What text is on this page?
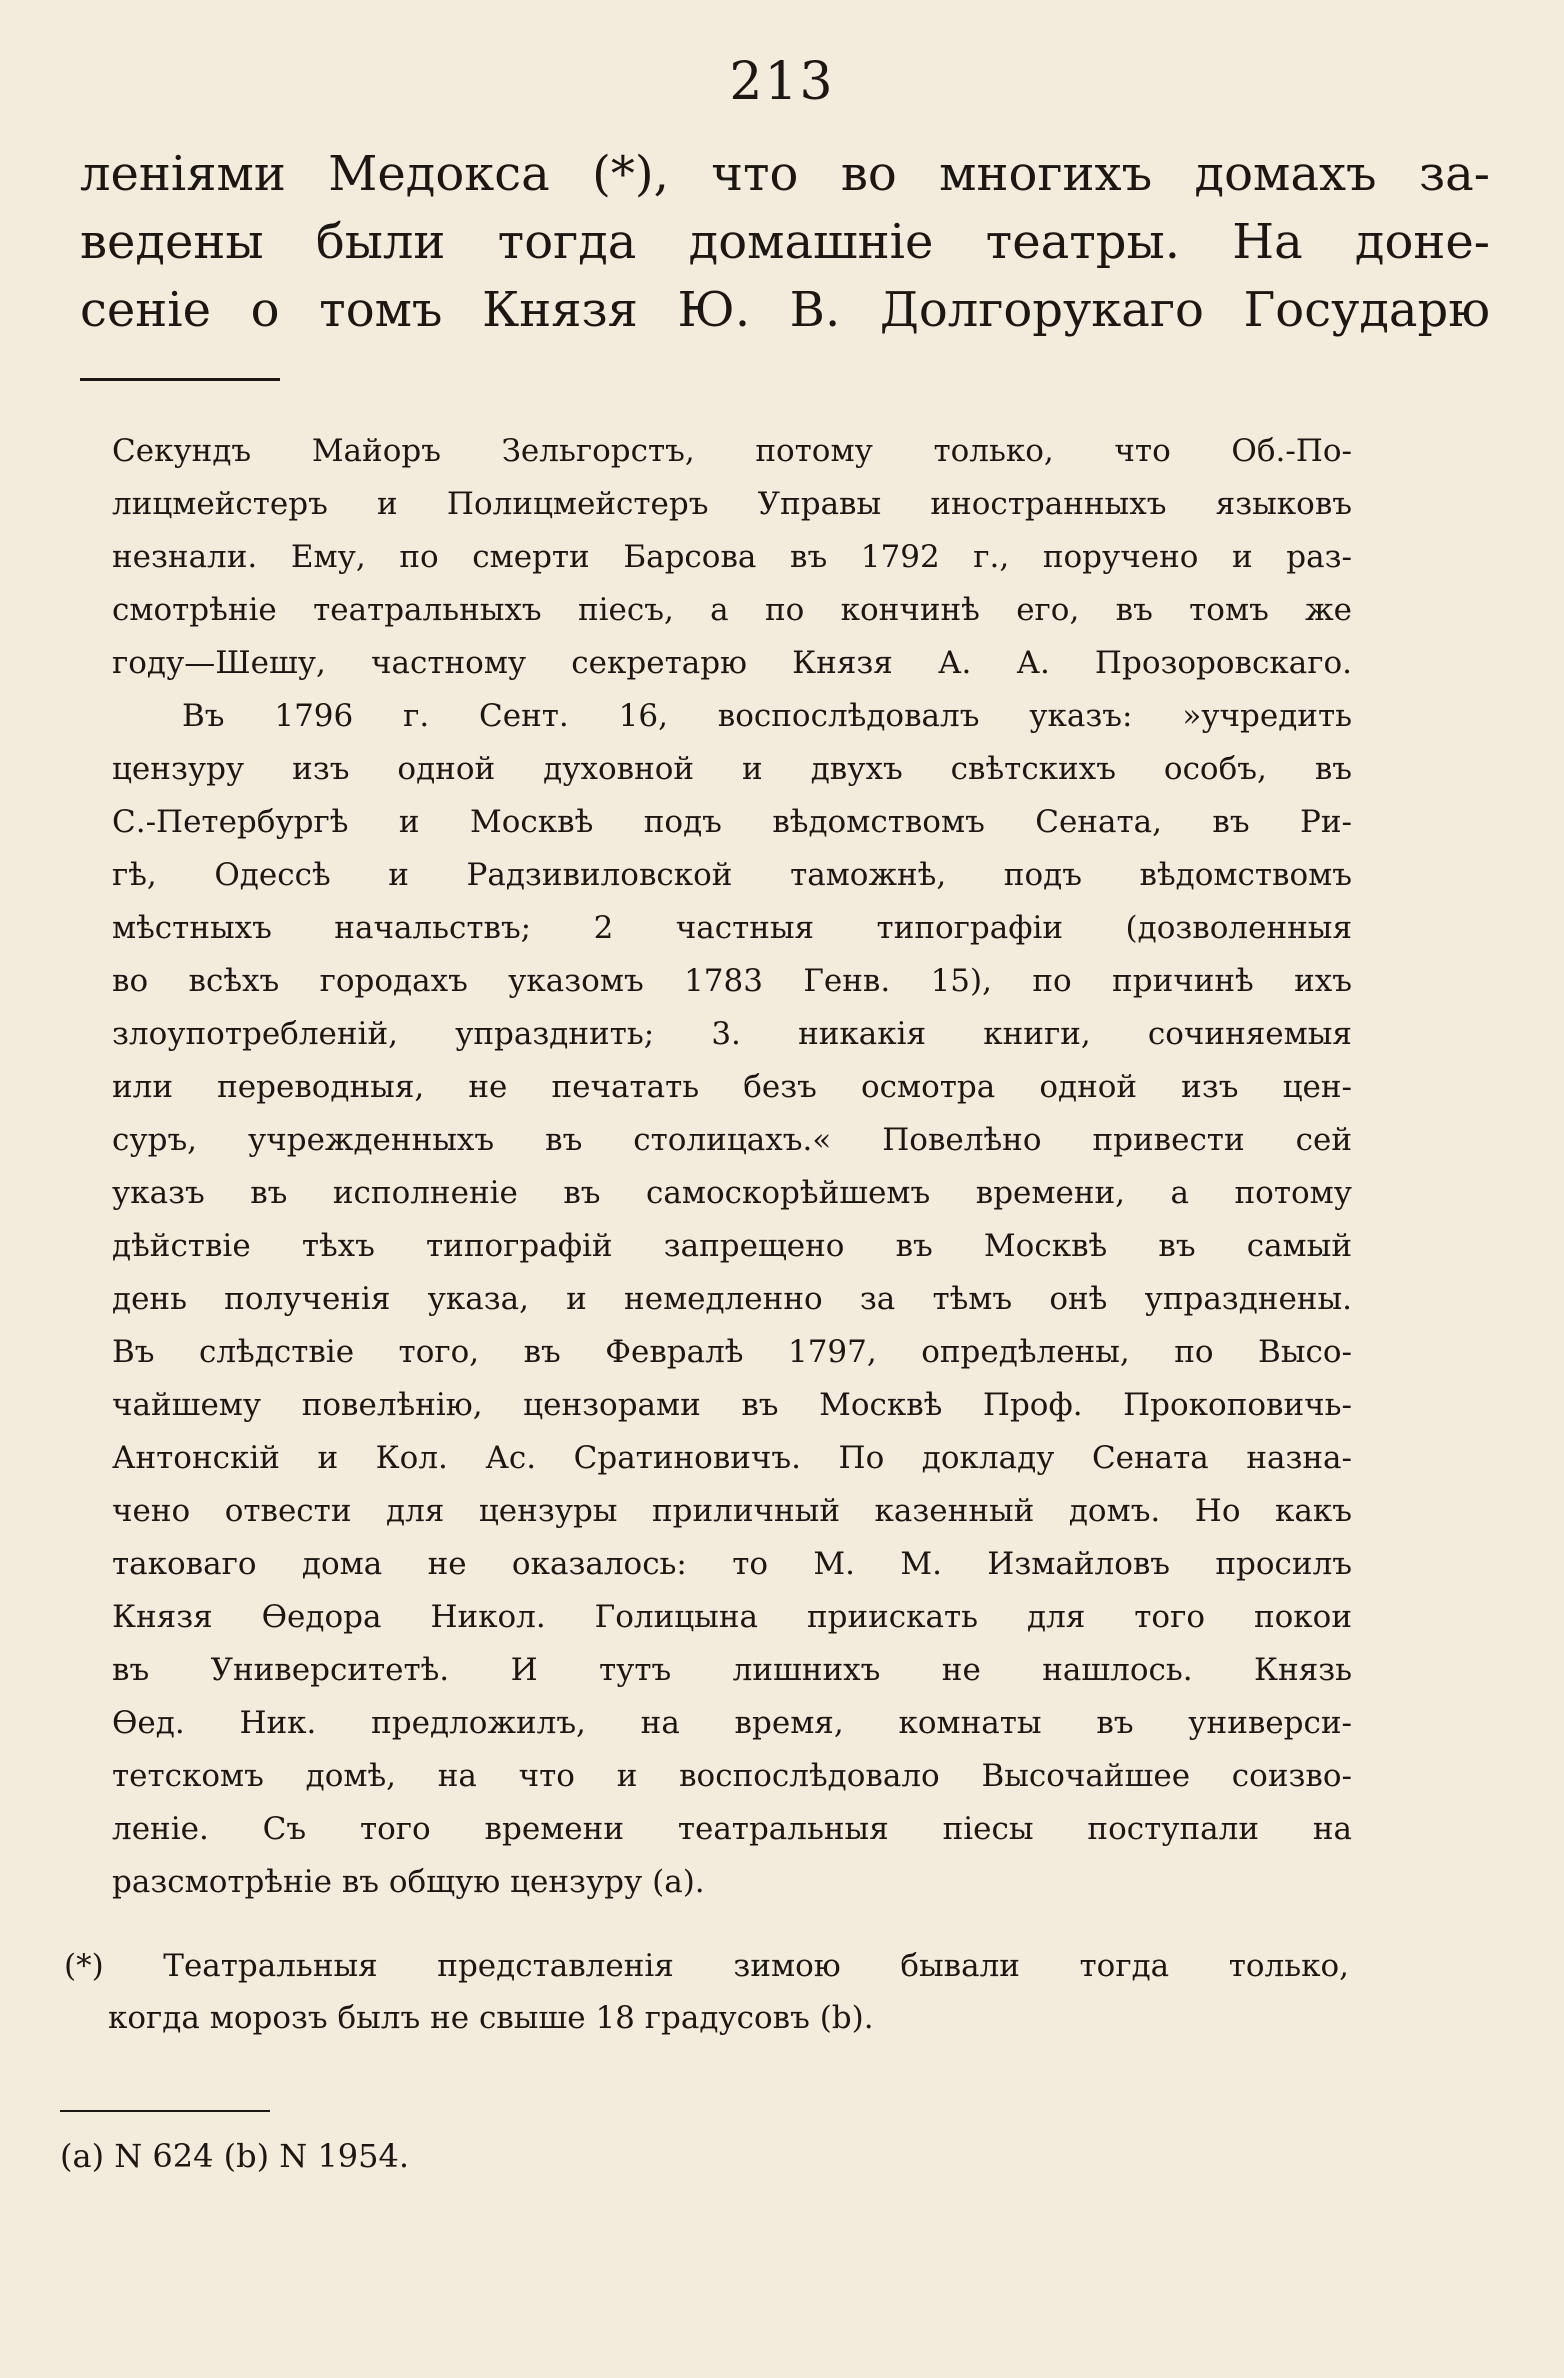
213
леніями Медокса (*), что во многихъ домахъ за-
ведены были тогда домашніе театры. На доне-
сеніе о томъ Князя Ю. В. Долгорукаго Государю
Секундъ Майоръ Зельгорстъ, потому только, что Об.-По-
лицмейстеръ и Полицмейстеръ Управы иностранныхъ языковъ
незнали. Ему, по смерти Барсова въ 1792 г., поручено и раз-
смотрѣніе театральныхъ піесъ, а по кончинѣ его, въ томъ же
году—Шешу, частному секретарю Князя А. А. Прозоровскаго.
Въ 1796 г. Сент. 16, воспослѣдовалъ указъ: »учредить
цензуру изъ одной духовной и двухъ свѣтскихъ особъ, въ
С.-Петербургѣ и Москвѣ подъ вѣдомствомъ Сената, въ Ри-
гѣ, Одессѣ и Радзивиловской таможнѣ, подъ вѣдомствомъ
мѣстныхъ начальствъ; 2 частныя типографіи (дозволенныя
во всѣхъ городахъ указомъ 1783 Генв. 15), по причинѣ ихъ
злоупотребленій, упразднить; 3. никакія книги, сочиняемыя
или переводныя, не печатать безъ осмотра одной изъ цен-
суръ, учрежденныхъ въ столицахъ.« Повелѣно привести сей
указъ въ исполненіе въ самоскорѣйшемъ времени, а потому
дѣйствіе тѣхъ типографій запрещено въ Москвѣ въ самый
день полученія указа, и немедленно за тѣмъ онѣ упразднены.
Въ слѣдствіе того, въ Февралѣ 1797, опредѣлены, по Высо-
чайшему повелѣнію, цензорами въ Москвѣ Проф. Прокоповичь-
Антонскій и Кол. Ас. Сратиновичъ. По докладу Сената назна-
чено отвести для цензуры приличный казенный домъ. Но какъ
таковаго дома не оказалось: то М. М. Измайловъ просилъ
Князя Өедора Никол. Голицына приискать для того покои
въ Университетѣ. И тутъ лишнихъ не нашлось. Князь
Өед. Ник. предложилъ, на время, комнаты въ универси-
тетскомъ домѣ, на что и воспослѣдовало Высочайшее соизво-
леніе. Съ того времени театральныя піесы поступали на
разсмотрѣніе въ общую цензуру (а).
(*) Театральныя представленія зимою бывали тогда только,
когда морозъ былъ не свыше 18 градусовъ (b).
(а) N 624 (b) N 1954.
